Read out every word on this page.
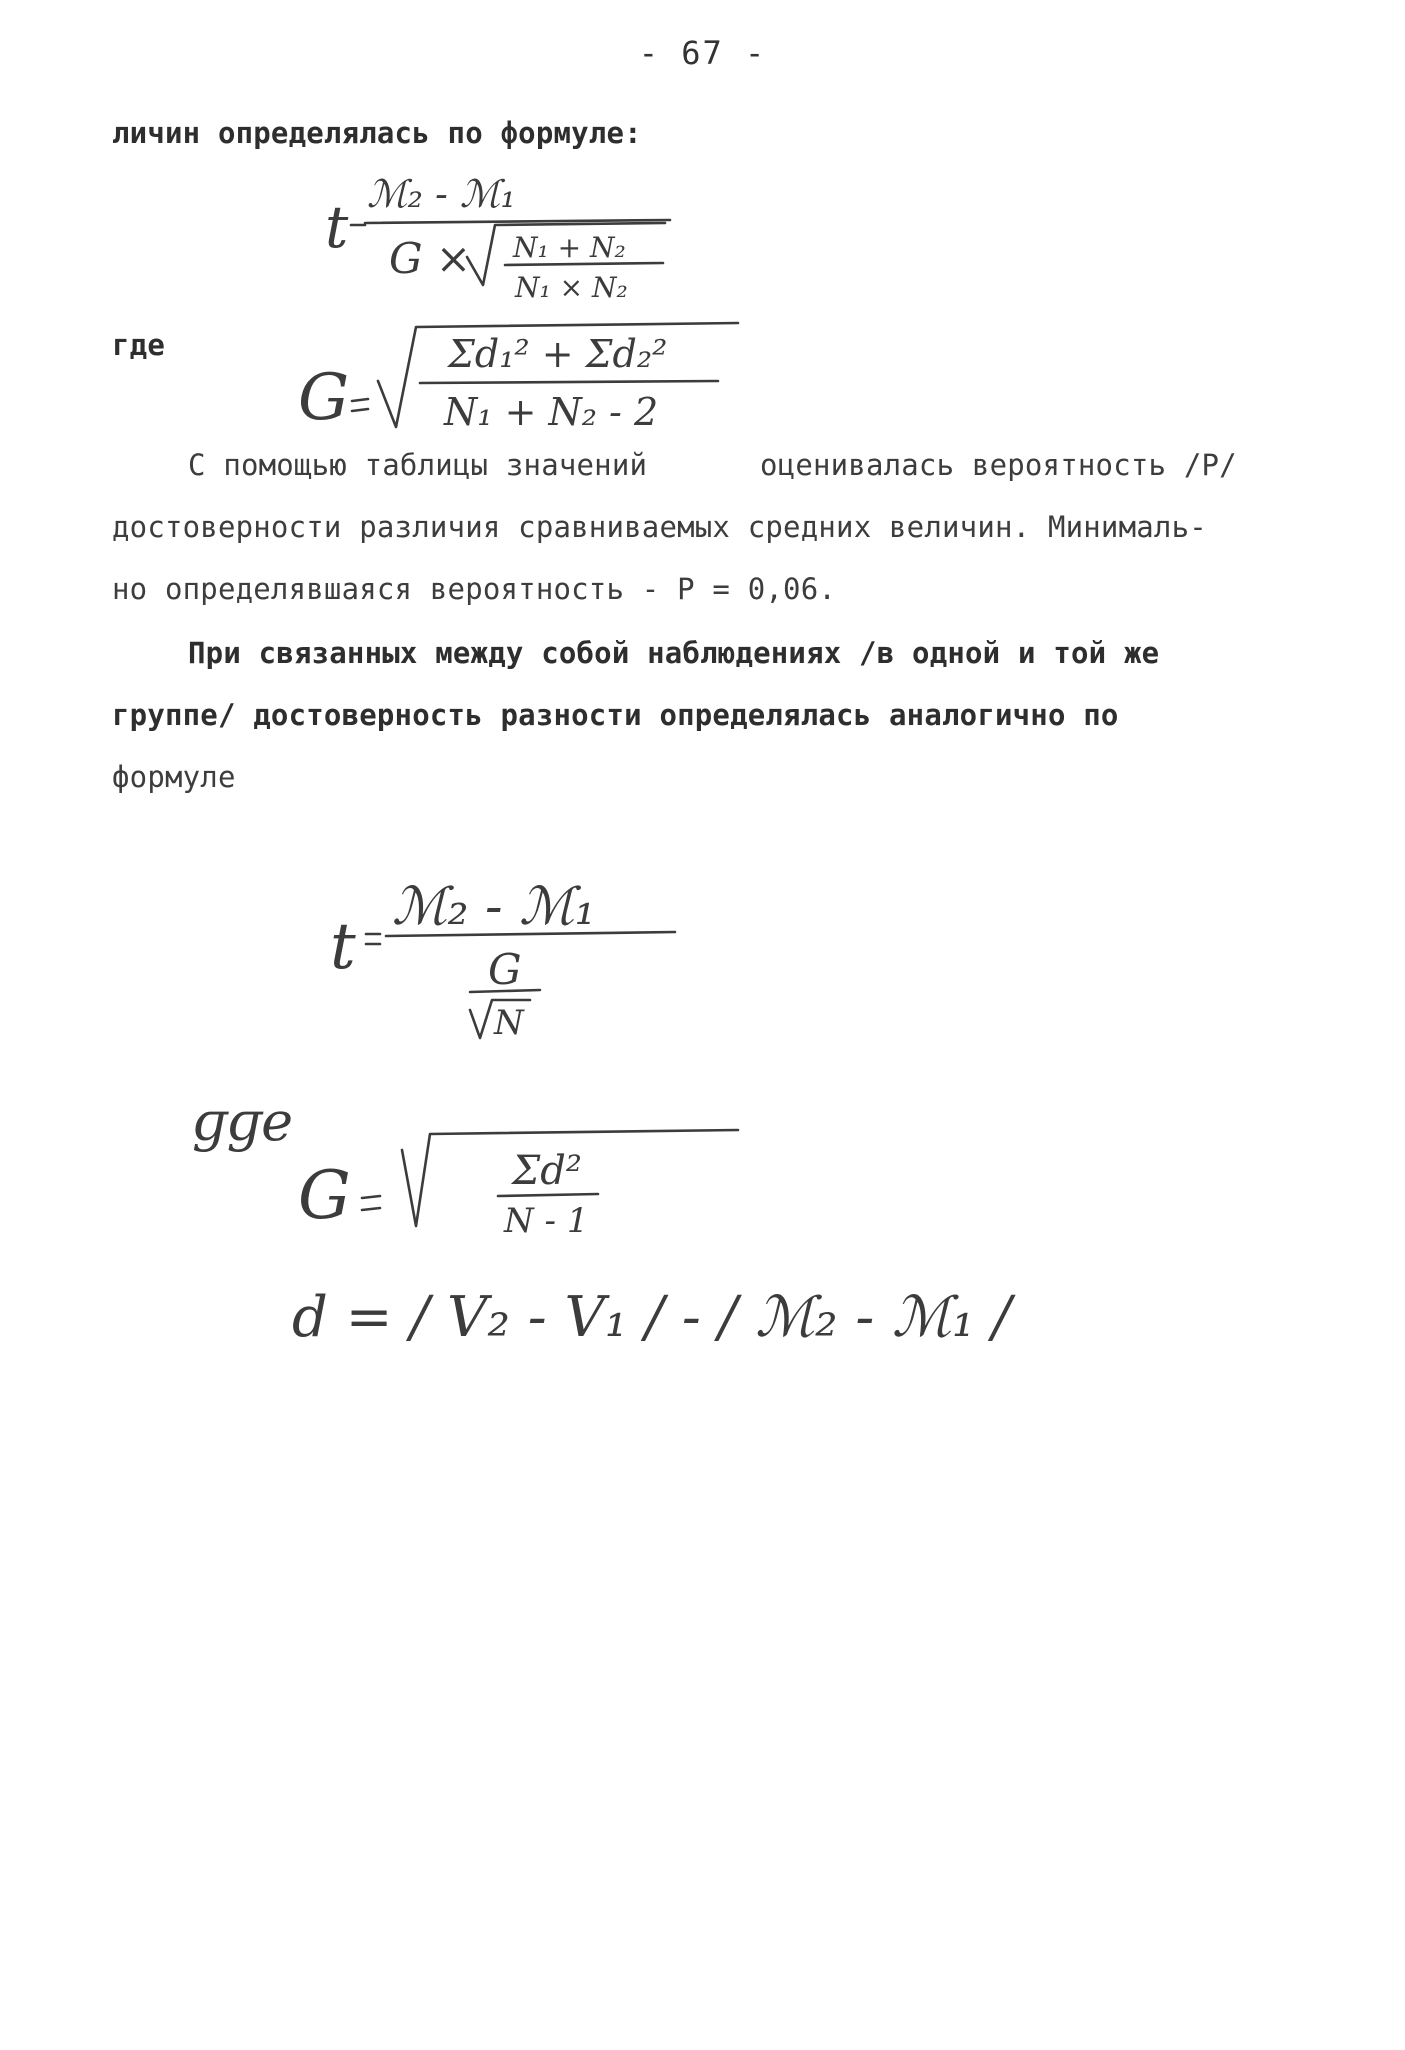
- 67 -
личин определялась по формуле:
t ℳ₂ - ℳ₁
G × N₁ + N₂
N₁ × N₂
где
G
Σd₁² + Σd₂²
N₁ + N₂ - 2
С помощью таблицы значений	оценивалась вероятность /Р/
достоверности различия сравниваемых средних величин. Минималь-
но определявшаяся вероятность - Р = 0,06.
При связанных между собой наблюдениях /в одной и той же
группе/ достоверность разности определялась аналогично по
формуле
t
ℳ₂ - ℳ₁
G
N
ɡɡe
G	Σd²
N - 1
d = / V₂ - V₁ / - / ℳ₂ - ℳ₁ /
